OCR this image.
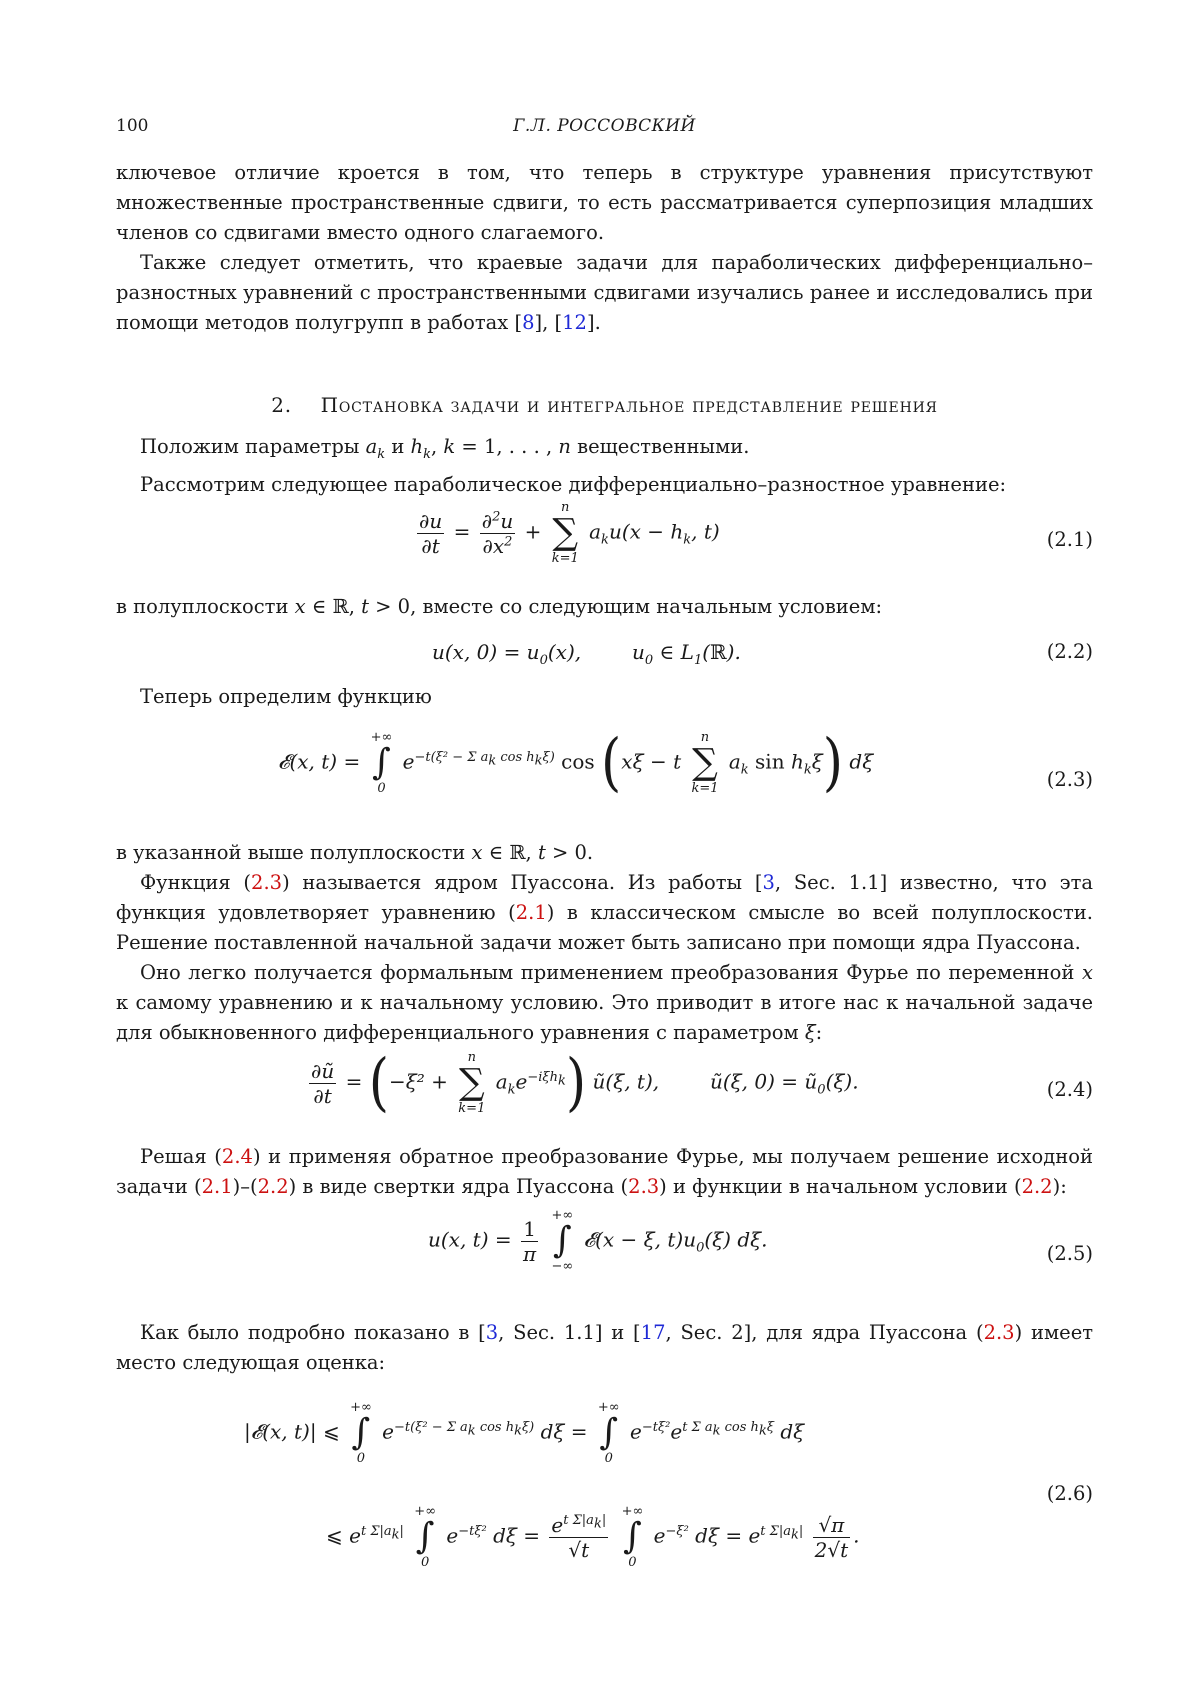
100	Г.Л. РОССОВСКИЙ

ключевое отличие кроется в том, что теперь в структуре уравнения присутствуют множественные пространственные сдвиги, то есть рассматривается суперпозиция младших членов со сдвигами вместо одного слагаемого.

Также следует отметить, что краевые задачи для параболических дифференциально–разностных уравнений с пространственными сдвигами изучались ранее и исследовались при помощи методов полугрупп в работах [8], [12].

2. Постановка задачи и интегральное представление решения

Положим параметры $a_k$ и $h_k$, k = 1, . . . , n вещественными.

Рассмотрим следующее параболическое дифференциально–разностное уравнение:

$\frac{\partial u}{\partial t} = \frac{\partial^2u}{\partial x^2}$ +
n
∑
k=1
$a_ku(x - h_k$, t)	(2.1)

в полуплоскости x ∈ ℝ, t > 0, вместе со следующим начальным условием:

u(x, $0) = u_0(x)$,        $u_0$ ∈ $L_1(ℝ)$.	(2.2)

Теперь определим функцию

𝓔(x, t) =
+∞
∫
0
$e^{-t(\xi^2 - \Sigma a_k cos h_k\xi)}$ cos (xξ − t
n
∑
k=1
$a_k$ $\sin h_k\xi$) dξ
(2.3)

в указанной выше полуплоскости x ∈ ℝ, t > 0.

Функция (2.3) называется ядром Пуассона. Из работы [3, Sec. 1.1] известно, что эта функция удовлетворяет уравнению (2.1) в классическом смысле во всей полуплоскости. Решение поставленной начальной задачи может быть записано при помощи ядра Пуассона.

Оно легко получается формальным применением преобразования Фурье по переменной x к самому уравнению и к начальному условию. Это приводит в итоге нас к начальной задаче для обыкновенного дифференциального уравнения с параметром ξ:

$\frac{\partial ũ}{\partial t} = (-\xi^2$ +
n
∑
k=1
$a_ke^{-i\xi h_k}$) ũ(ξ, t),        ũ(ξ, $0) = ũ_0(\xi)$.	(2.4)

Решая (2.4) и применяя обратное преобразование Фурье, мы получаем решение исходной задачи (2.1)–(2.2) в виде свертки ядра Пуассона (2.3) и функции в начальном условии (2.2):

u(x, $t) = \frac{1}{\pi}$

+∞
∫
−∞
𝓔(x − ξ, $t)u_0(\xi)$ dξ.
(2.5)

Как было подробно показано в [3, Sec. 1.1] и [17, Sec. 2], для ядра Пуассона (2.3) имеет место следующая оценка:

|𝓔(x, t)| ⩽
+∞
∫
0
$e^{-t(\xi^2 - \Sigma a_k cos h_k\xi)}$ dξ =
+∞
∫
0
$e^{-t\xi^2}e^{t \Sigma a_k cos h_k\xi}$ dξ
⩽ $e^{t \Sigma|a_k|}$
+∞
∫
0
$e^{-t\xi^2}$ $d\xi = \frac{e^{t \Sigma|a_k|}}{√t}$

+∞
∫
0
$e^{-\xi^2}$ $d\xi = e^{t \Sigma|a_k|} \frac{√\pi}{2√t}$ .
(2.6)
